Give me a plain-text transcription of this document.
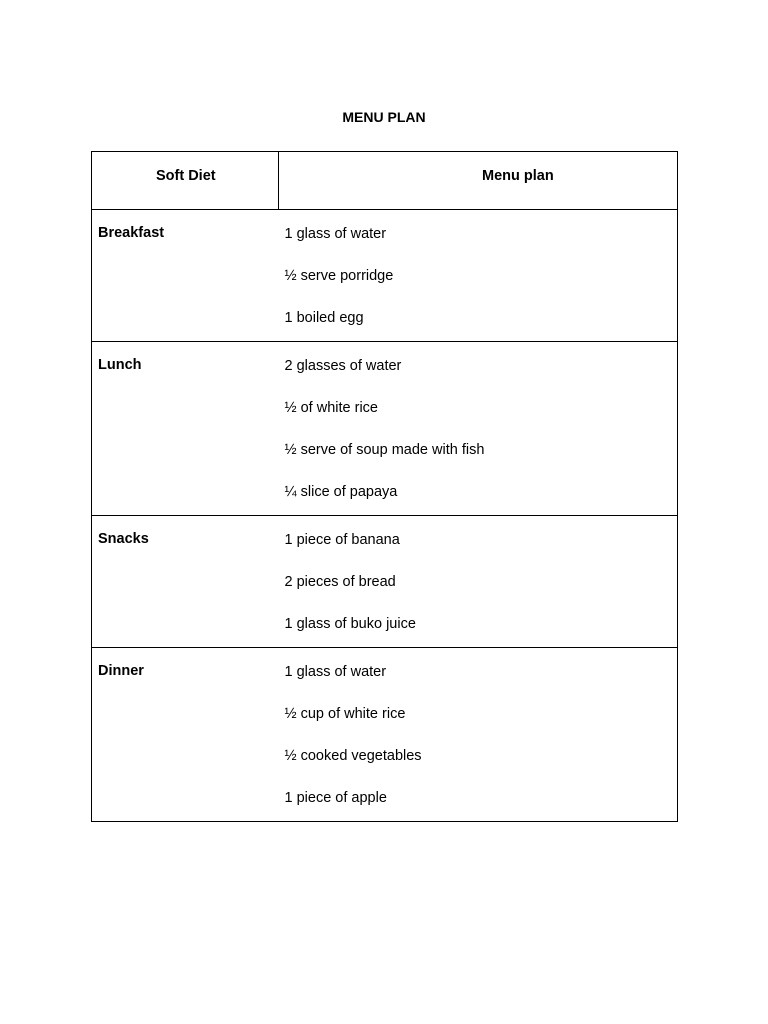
MENU PLAN
Soft Diet	Menu plan

Breakfast	1 glass of water
½ serve porridge
1 boiled egg

Lunch	2 glasses of water
½ of white rice
½ serve of soup made with fish
¼ slice of papaya

Snacks	1 piece of banana
2 pieces of bread
1 glass of buko juice

Dinner	1 glass of water
½ cup of white rice
½ cooked vegetables
1 piece of apple
